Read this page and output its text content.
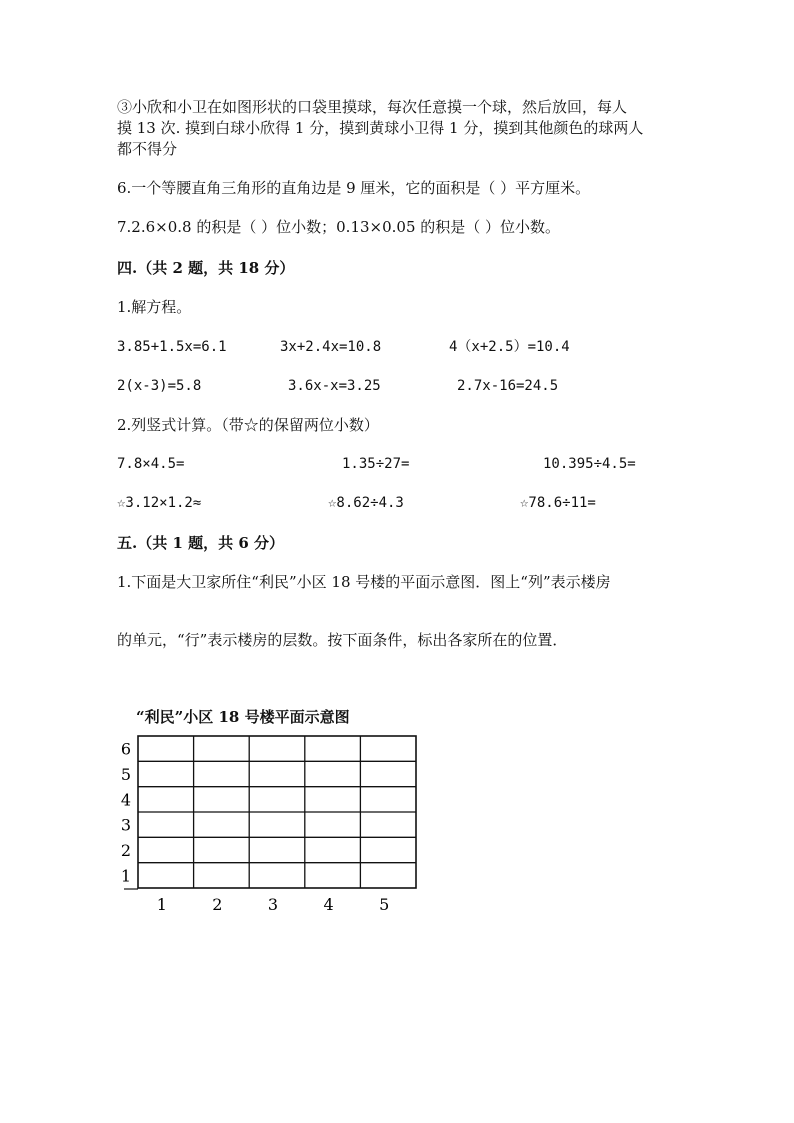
③小欣和小卫在如图形状的口袋里摸球，每次任意摸一个球，然后放回，每人
摸 13 次. 摸到白球小欣得 1 分，摸到黄球小卫得 1 分，摸到其他颜色的球两人
都不得分
6.一个等腰直角三角形的直角边是 9 厘米，它的面积是（ ）平方厘米。
7.2.6×0.8 的积是（ ）位小数；0.13×0.05 的积是（ ）位小数。
四.（共 2 题，共 18 分）
1.解方程。
3.85+1.5x=6.1	3x+2.4x=10.8	4（x+2.5）=10.4
2(x-3)=5.8	3.6x-x=3.25	2.7x-16=24.5
2.列竖式计算。（带☆的保留两位小数）
7.8×4.5=	1.35÷27=	10.395÷4.5=
☆3.12×1.2≈	☆8.62÷4.3	☆78.6÷11=
五.（共 1 题，共 6 分）
1.下面是大卫家所住“利民”小区 18 号楼的平面示意图．图上“列”表示楼房
的单元，“行”表示楼房的层数。按下面条件，标出各家所在的位置．
“利民”小区 18 号楼平面示意图
6
5
4
3
2
1
1	2	3	4	5
